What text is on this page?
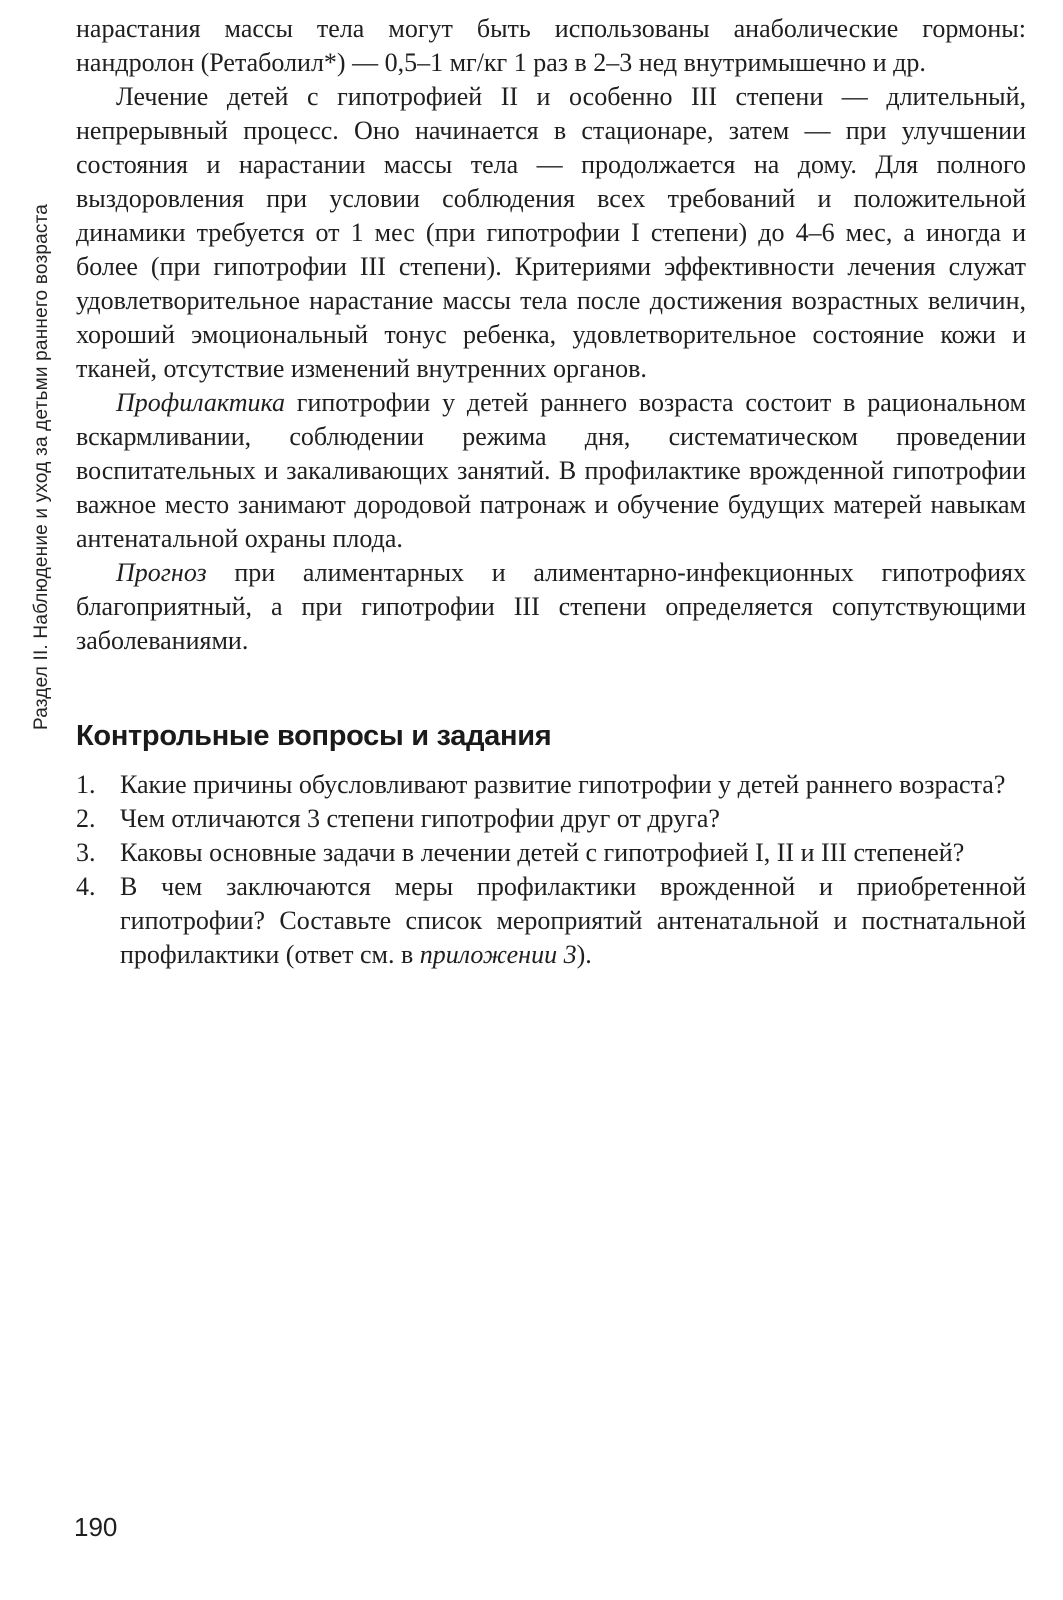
Раздел II. Наблюдение и уход за детьми раннего возраста

нарастания массы тела могут быть использованы анаболические гормоны: нандролон (Ретаболил*) — 0,5–1 мг/кг 1 раз в 2–3 нед внутримышечно и др.

Лечение детей с гипотрофией II и особенно III степени — длительный, непрерывный процесс. Оно начинается в стационаре, затем — при улучшении состояния и нарастании массы тела — продолжается на дому. Для полного выздоровления при условии соблюдения всех требований и положительной динамики требуется от 1 мес (при гипотрофии I степени) до 4–6 мес, а иногда и более (при гипотрофии III степени). Критериями эффективности лечения служат удовлетворительное нарастание массы тела после достижения возрастных величин, хороший эмоциональный тонус ребенка, удовлетворительное состояние кожи и тканей, отсутствие изменений внутренних органов.

Профилактика гипотрофии у детей раннего возраста состоит в рациональном вскармливании, соблюдении режима дня, систематическом проведении воспитательных и закаливающих занятий. В профилактике врожденной гипотрофии важное место занимают дородовой патронаж и обучение будущих матерей навыкам антенатальной охраны плода.

Прогноз при алиментарных и алиментарно-инфекционных гипотрофиях благоприятный, а при гипотрофии III степени определяется сопутствующими заболеваниями.

Контрольные вопросы и задания
1. Какие причины обусловливают развитие гипотрофии у детей раннего возраста?
2. Чем отличаются 3 степени гипотрофии друг от друга?
3. Каковы основные задачи в лечении детей с гипотрофией I, II и III степеней?
4. В чем заключаются меры профилактики врожденной и приобретенной гипотрофии? Составьте список мероприятий антенатальной и постнатальной профилактики (ответ см. в приложении 3).
190
